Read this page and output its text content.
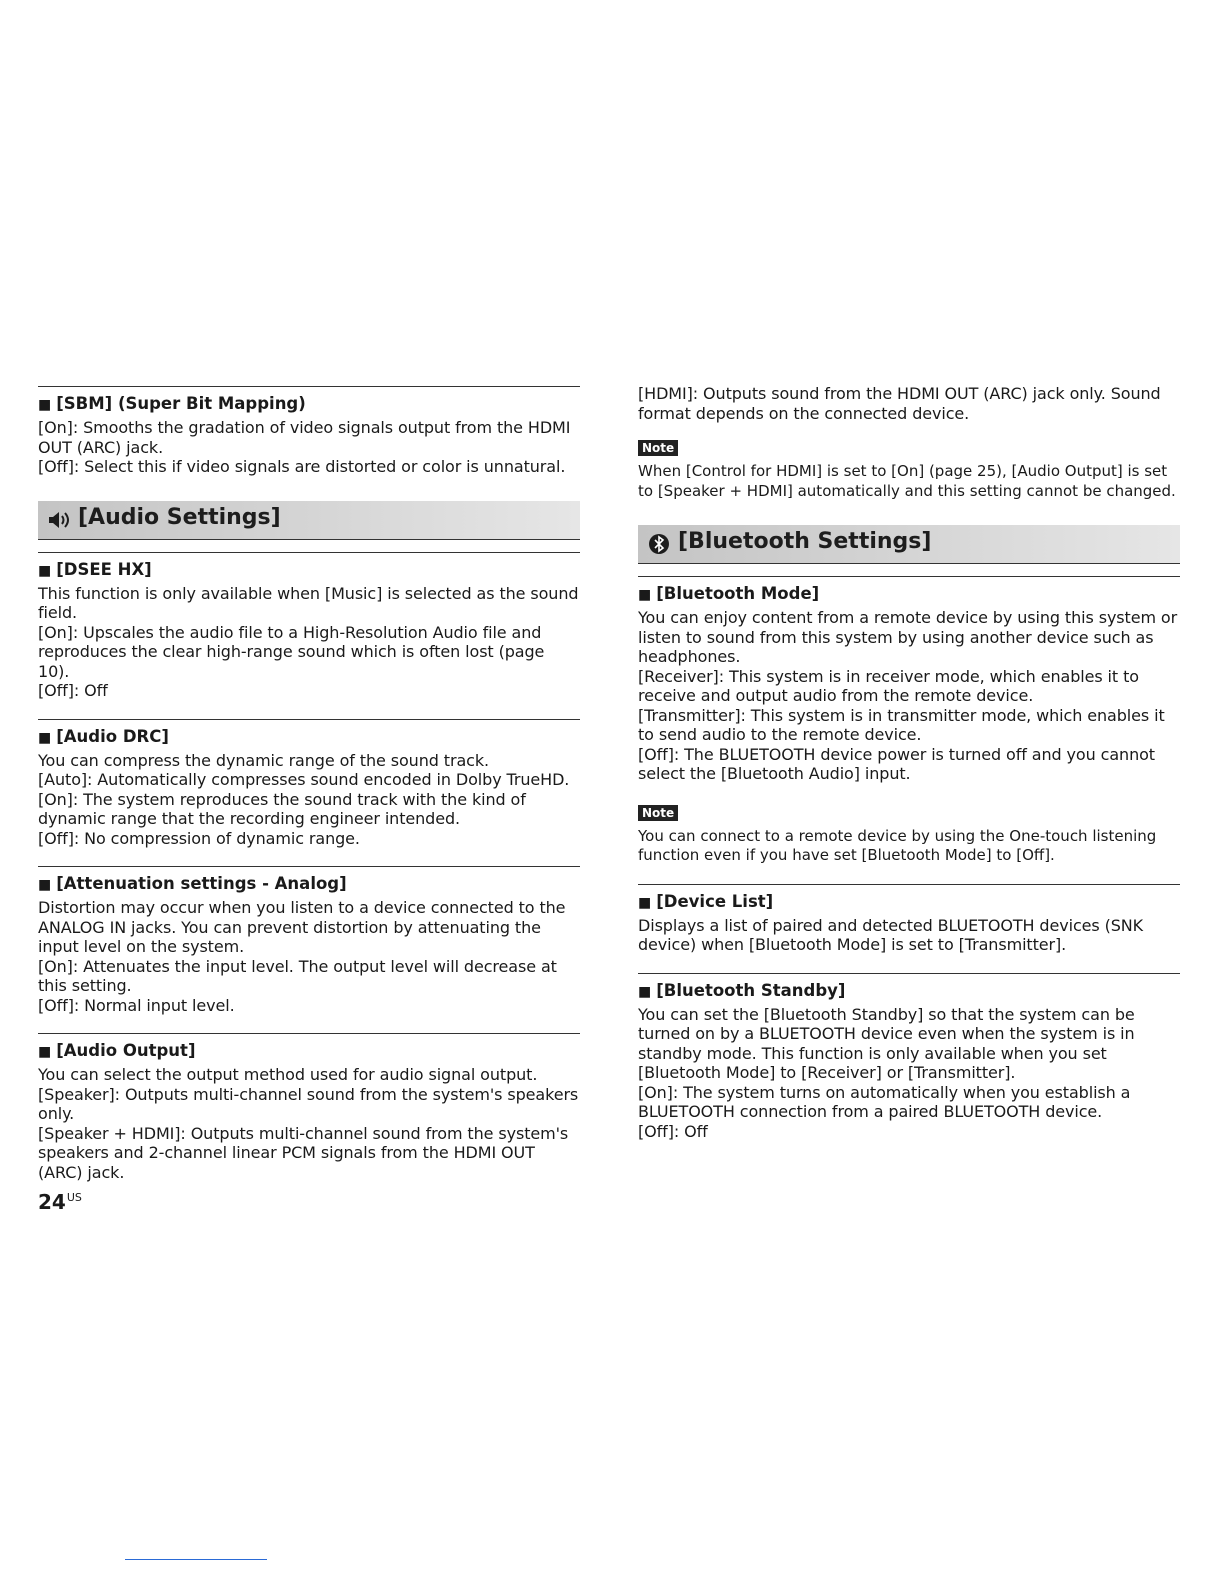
■ [SBM] (Super Bit Mapping)

[On]: Smooths the gradation of video signals output from the HDMI OUT (ARC) jack.

[Off]: Select this if video signals are distorted or color is unnatural.

[Audio Settings]
■ [DSEE HX]

This function is only available when [Music] is selected as the sound field.

[On]: Upscales the audio file to a High-Resolution Audio file and reproduces the clear high-range sound which is often lost (page 10).

[Off]: Off

■ [Audio DRC]

You can compress the dynamic range of the sound track.

[Auto]: Automatically compresses sound encoded in Dolby TrueHD.

[On]: The system reproduces the sound track with the kind of dynamic range that the recording engineer intended.

[Off]: No compression of dynamic range.

■ [Attenuation settings - Analog]

Distortion may occur when you listen to a device connected to the ANALOG IN jacks. You can prevent distortion by attenuating the input level on the system.

[On]: Attenuates the input level. The output level will decrease at this setting.

[Off]: Normal input level.

■ [Audio Output]

You can select the output method used for audio signal output.

[Speaker]: Outputs multi-channel sound from the system's speakers only.

[Speaker + HDMI]: Outputs multi-channel sound from the system's speakers and 2-channel linear PCM signals from the HDMI OUT (ARC) jack.

[HDMI]: Outputs sound from the HDMI OUT (ARC) jack only. Sound format depends on the connected device.

Note

When [Control for HDMI] is set to [On] (page 25), [Audio Output] is set to [Speaker + HDMI] automatically and this setting cannot be changed.

[Bluetooth Settings]
■ [Bluetooth Mode]

You can enjoy content from a remote device by using this system or listen to sound from this system by using another device such as headphones.

[Receiver]: This system is in receiver mode, which enables it to receive and output audio from the remote device.

[Transmitter]: This system is in transmitter mode, which enables it to send audio to the remote device.

[Off]: The BLUETOOTH device power is turned off and you cannot select the [Bluetooth Audio] input.

Note

You can connect to a remote device by using the One-touch listening function even if you have set [Bluetooth Mode] to [Off].

■ [Device List]

Displays a list of paired and detected BLUETOOTH devices (SNK device) when [Bluetooth Mode] is set to [Transmitter].

■ [Bluetooth Standby]

You can set the [Bluetooth Standby] so that the system can be turned on by a BLUETOOTH device even when the system is in standby mode. This function is only available when you set [Bluetooth Mode] to [Receiver] or [Transmitter].

[On]: The system turns on automatically when you establish a BLUETOOTH connection from a paired BLUETOOTH device.

[Off]: Off

$24^{US}$
